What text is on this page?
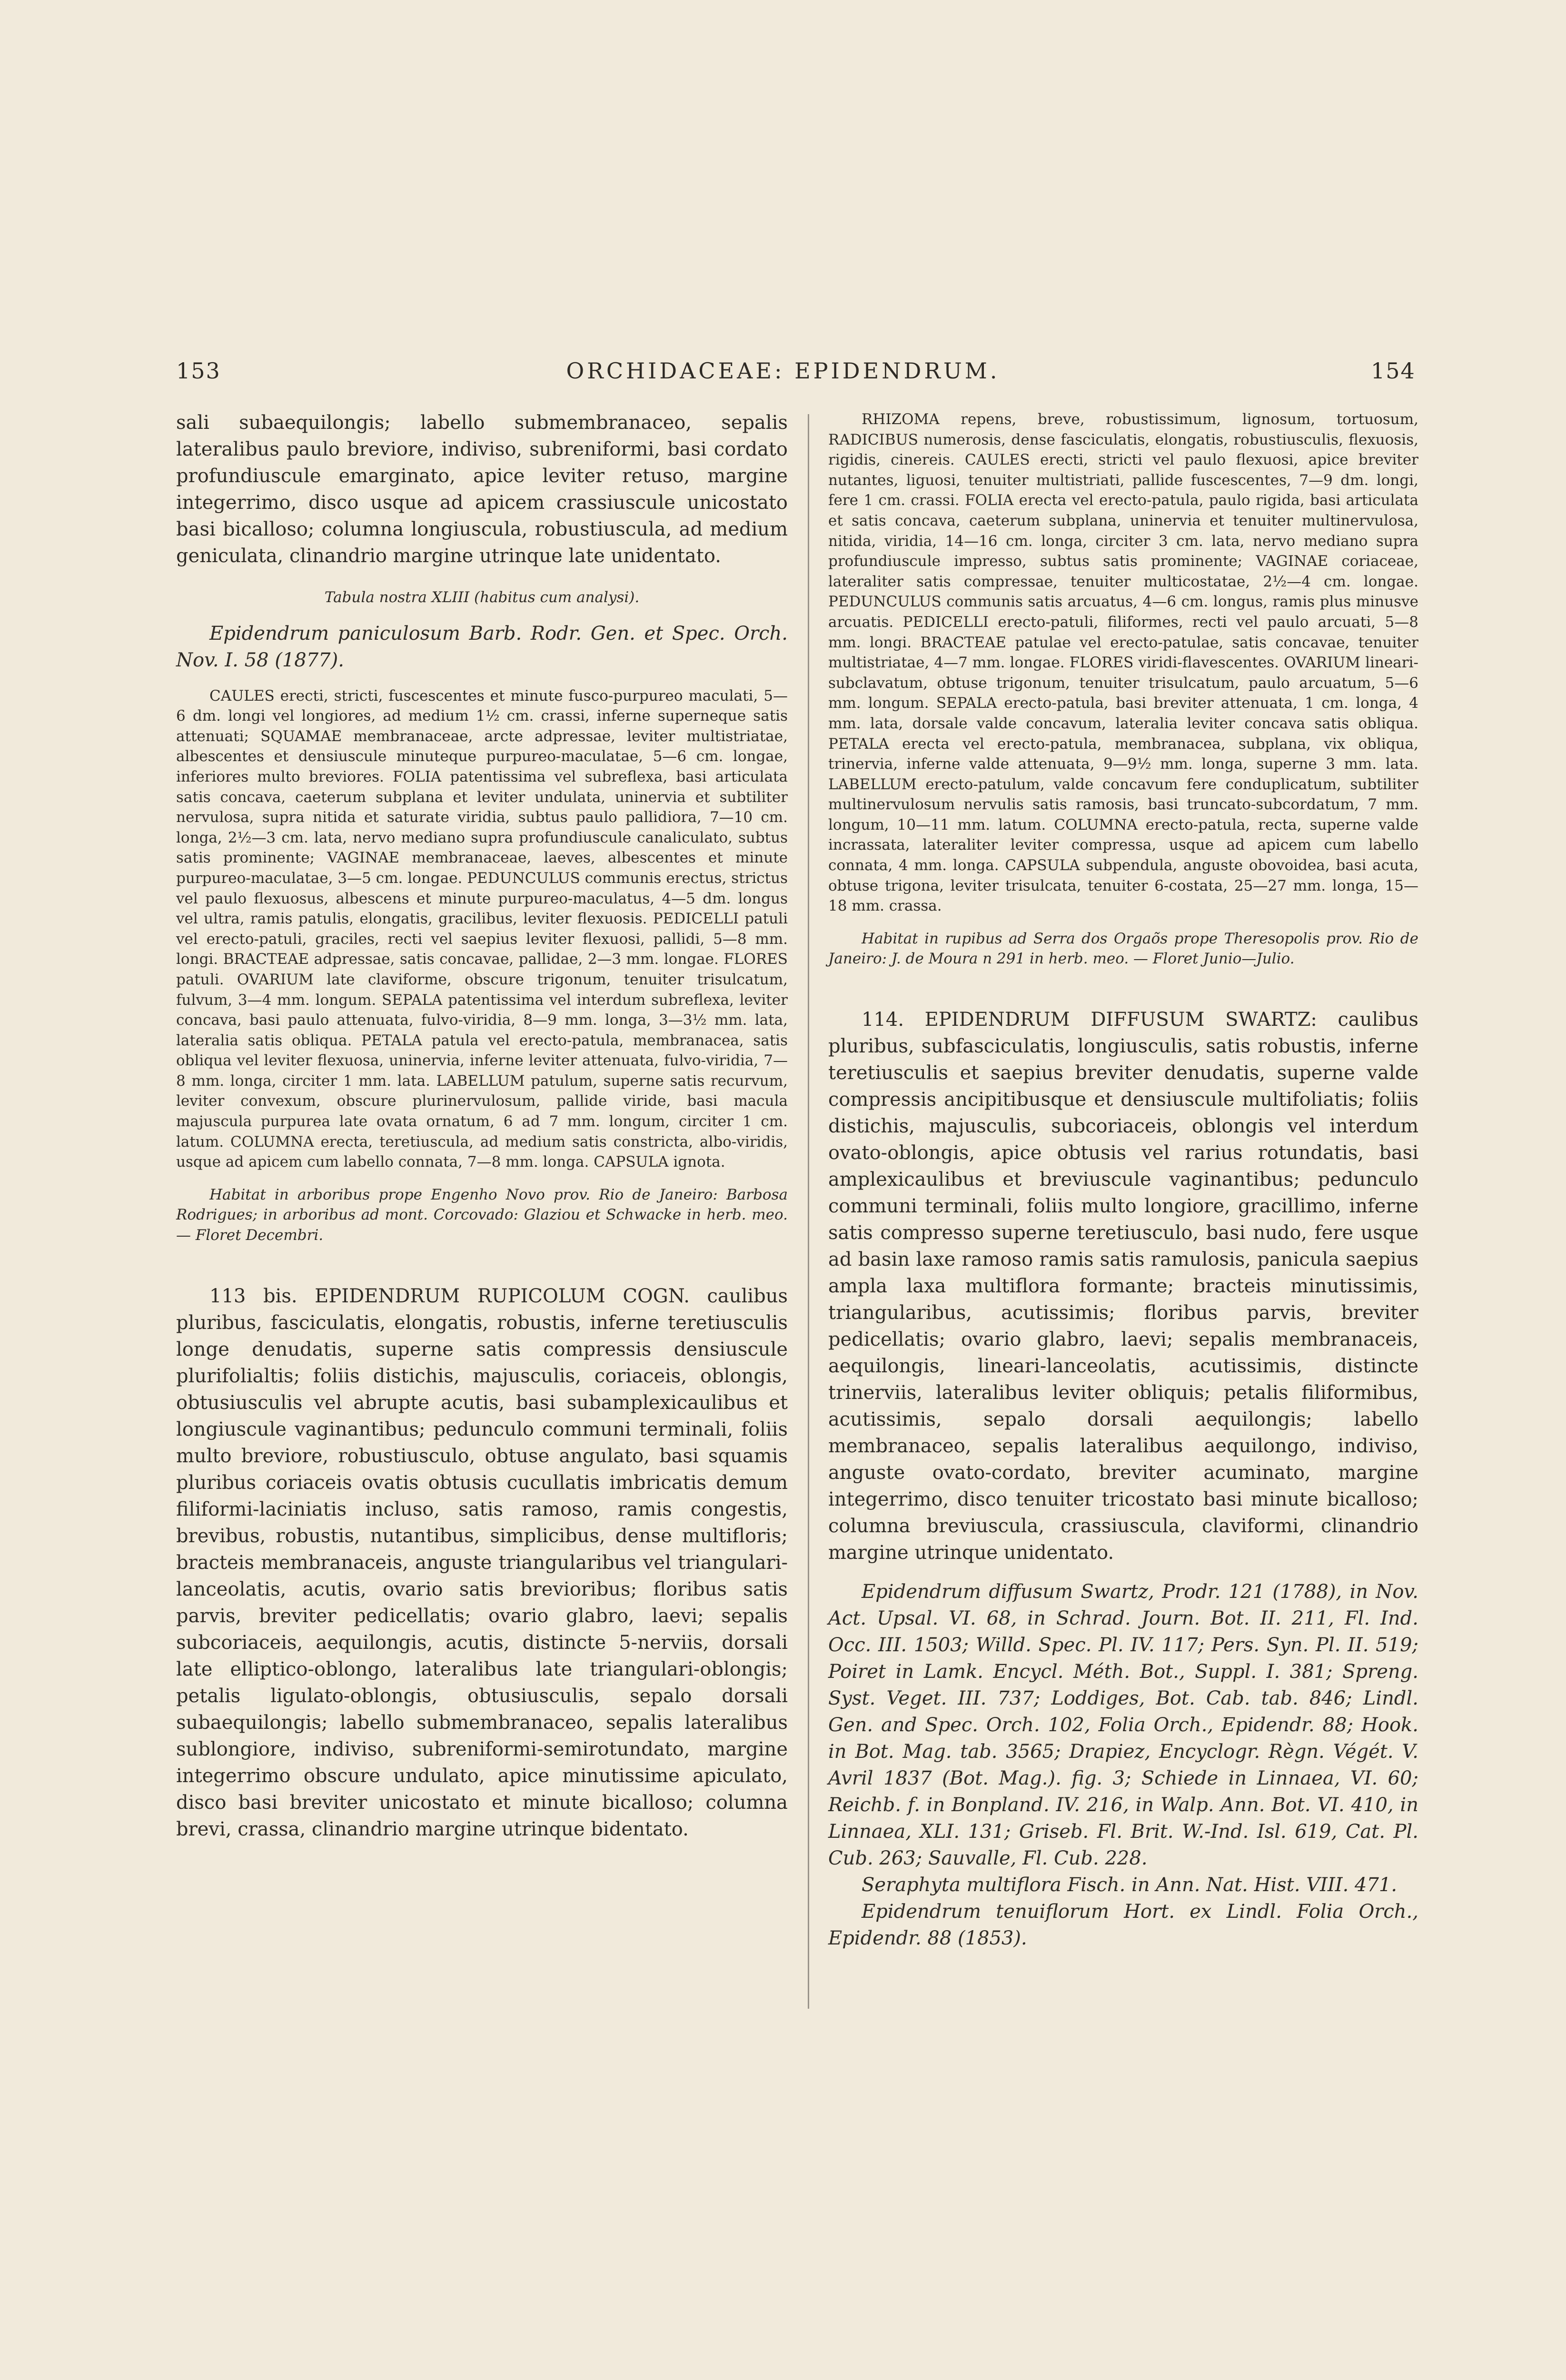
153	ORCHIDACEAE: EPIDENDRUM.	154

sali subaequilongis; labello submembranaceo, sepalis lateralibus paulo breviore, indiviso, subreniformi, basi cordato profundiuscule emarginato, apice leviter retuso, margine integerrimo, disco usque ad apicem crassiuscule unicostato basi bicalloso; columna longiuscula, robustiuscula, ad medium geniculata, clinandrio margine utrinque late unidentato.

Tabula nostra XLIII (habitus cum analysi).

Epidendrum paniculosum Barb. Rodr. Gen. et Spec. Orch. Nov. I. 58 (1877).

CAULES erecti, stricti, fuscescentes et minute fusco-purpureo maculati, 5—6 dm. longi vel longiores, ad medium 1½ cm. crassi, inferne superneque satis attenuati; SQUAMAE membranaceae, arcte adpressae, leviter multistriatae, albescentes et densiuscule minuteque purpureo-maculatae, 5—6 cm. longae, inferiores multo breviores. FOLIA patentissima vel subreflexa, basi articulata satis concava, caeterum subplana et leviter undulata, uninervia et subtiliter nervulosa, supra nitida et saturate viridia, subtus paulo pallidiora, 7—10 cm. longa, 2½—3 cm. lata, nervo mediano supra profundiuscule canaliculato, subtus satis prominente; VAGINAE membranaceae, laeves, albescentes et minute purpureo-maculatae, 3—5 cm. longae. PEDUNCULUS communis erectus, strictus vel paulo flexuosus, albescens et minute purpureo-maculatus, 4—5 dm. longus vel ultra, ramis patulis, elongatis, gracilibus, leviter flexuosis. PEDICELLI patuli vel erecto-patuli, graciles, recti vel saepius leviter flexuosi, pallidi, 5—8 mm. longi. BRACTEAE adpressae, satis concavae, pallidae, 2—3 mm. longae. FLORES patuli. OVARIUM late claviforme, obscure trigonum, tenuiter trisulcatum, fulvum, 3—4 mm. longum. SEPALA patentissima vel interdum subreflexa, leviter concava, basi paulo attenuata, fulvo-viridia, 8—9 mm. longa, 3—3½ mm. lata, lateralia satis obliqua. PETALA patula vel erecto-patula, membranacea, satis obliqua vel leviter flexuosa, uninervia, inferne leviter attenuata, fulvo-viridia, 7—8 mm. longa, circiter 1 mm. lata. LABELLUM patulum, superne satis recurvum, leviter convexum, obscure plurinervulosum, pallide viride, basi macula majuscula purpurea late ovata ornatum, 6 ad 7 mm. longum, circiter 1 cm. latum. COLUMNA erecta, teretiuscula, ad medium satis constricta, albo-viridis, usque ad apicem cum labello connata, 7—8 mm. longa. CAPSULA ignota.

Habitat in arboribus prope Engenho Novo prov. Rio de Janeiro: Barbosa Rodrigues; in arboribus ad mont. Corcovado: Glaziou et Schwacke in herb. meo. — Floret Decembri.

113 bis. EPIDENDRUM RUPICOLUM COGN. caulibus pluribus, fasciculatis, elongatis, robustis, inferne teretiusculis longe denudatis, superne satis compressis densiuscule plurifolialtis; foliis distichis, majusculis, coriaceis, oblongis, obtusiusculis vel abrupte acutis, basi subamplexicaulibus et longiuscule vaginantibus; pedunculo communi terminali, foliis multo breviore, robustiusculo, obtuse angulato, basi squamis pluribus coriaceis ovatis obtusis cucullatis imbricatis demum filiformi-laciniatis incluso, satis ramoso, ramis congestis, brevibus, robustis, nutantibus, simplicibus, dense multifloris; bracteis membranaceis, anguste triangularibus vel triangulari-lanceolatis, acutis, ovario satis brevioribus; floribus satis parvis, breviter pedicellatis; ovario glabro, laevi; sepalis subcoriaceis, aequilongis, acutis, distincte 5-nerviis, dorsali late elliptico-oblongo, lateralibus late triangulari-oblongis; petalis ligulato-oblongis, obtusiusculis, sepalo dorsali subaequilongis; labello submembranaceo, sepalis lateralibus sublongiore, indiviso, subreniformi-semirotundato, margine integerrimo obscure undulato, apice minutissime apiculato, disco basi breviter unicostato et minute bicalloso; columna brevi, crassa, clinandrio margine utrinque bidentato.

RHIZOMA repens, breve, robustissimum, lignosum, tortuosum, RADICIBUS numerosis, dense fasciculatis, elongatis, robustiusculis, flexuosis, rigidis, cinereis. CAULES erecti, stricti vel paulo flexuosi, apice breviter nutantes, liguosi, tenuiter multistriati, pallide fuscescentes, 7—9 dm. longi, fere 1 cm. crassi. FOLIA erecta vel erecto-patula, paulo rigida, basi articulata et satis concava, caeterum subplana, uninervia et tenuiter multinervulosa, nitida, viridia, 14—16 cm. longa, circiter 3 cm. lata, nervo mediano supra profundiuscule impresso, subtus satis prominente; VAGINAE coriaceae, lateraliter satis compressae, tenuiter multicostatae, 2½—4 cm. longae. PEDUNCULUS communis satis arcuatus, 4—6 cm. longus, ramis plus minusve arcuatis. PEDICELLI erecto-patuli, filiformes, recti vel paulo arcuati, 5—8 mm. longi. BRACTEAE patulae vel erecto-patulae, satis concavae, tenuiter multistriatae, 4—7 mm. longae. FLORES viridi-flavescentes. OVARIUM lineari-subclavatum, obtuse trigonum, tenuiter trisulcatum, paulo arcuatum, 5—6 mm. longum. SEPALA erecto-patula, basi breviter attenuata, 1 cm. longa, 4 mm. lata, dorsale valde concavum, lateralia leviter concava satis obliqua. PETALA erecta vel erecto-patula, membranacea, subplana, vix obliqua, trinervia, inferne valde attenuata, 9—9½ mm. longa, superne 3 mm. lata. LABELLUM erecto-patulum, valde concavum fere conduplicatum, subtiliter multinervulosum nervulis satis ramosis, basi truncato-subcordatum, 7 mm. longum, 10—11 mm. latum. COLUMNA erecto-patula, recta, superne valde incrassata, lateraliter leviter compressa, usque ad apicem cum labello connata, 4 mm. longa. CAPSULA subpendula, anguste obovoidea, basi acuta, obtuse trigona, leviter trisulcata, tenuiter 6-costata, 25—27 mm. longa, 15—18 mm. crassa.

Habitat in rupibus ad Serra dos Orgaõs prope Theresopolis prov. Rio de Janeiro: J. de Moura n 291 in herb. meo. — Floret Junio—Julio.

114. EPIDENDRUM DIFFUSUM SWARTZ: caulibus pluribus, subfasciculatis, longiusculis, satis robustis, inferne teretiusculis et saepius breviter denudatis, superne valde compressis ancipitibusque et densiuscule multifoliatis; foliis distichis, majusculis, subcoriaceis, oblongis vel interdum ovato-oblongis, apice obtusis vel rarius rotundatis, basi amplexicaulibus et breviuscule vaginantibus; pedunculo communi terminali, foliis multo longiore, gracillimo, inferne satis compresso superne teretiusculo, basi nudo, fere usque ad basin laxe ramoso ramis satis ramulosis, panicula saepius ampla laxa multiflora formante; bracteis minutissimis, triangularibus, acutissimis; floribus parvis, breviter pedicellatis; ovario glabro, laevi; sepalis membranaceis, aequilongis, lineari-lanceolatis, acutissimis, distincte trinerviis, lateralibus leviter obliquis; petalis filiformibus, acutissimis, sepalo dorsali aequilongis; labello membranaceo, sepalis lateralibus aequilongo, indiviso, anguste ovato-cordato, breviter acuminato, margine integerrimo, disco tenuiter tricostato basi minute bicalloso; columna breviuscula, crassiuscula, claviformi, clinandrio margine utrinque unidentato.

Epidendrum diffusum Swartz, Prodr. 121 (1788), in Nov. Act. Upsal. VI. 68, in Schrad. Journ. Bot. II. 211, Fl. Ind. Occ. III. 1503; Willd. Spec. Pl. IV. 117; Pers. Syn. Pl. II. 519; Poiret in Lamk. Encycl. Méth. Bot., Suppl. I. 381; Spreng. Syst. Veget. III. 737; Loddiges, Bot. Cab. tab. 846; Lindl. Gen. and Spec. Orch. 102, Folia Orch., Epidendr. 88; Hook. in Bot. Mag. tab. 3565; Drapiez, Encyclogr. Règn. Végét. V. Avril 1837 (Bot. Mag.). fig. 3; Schiede in Linnaea, VI. 60; Reichb. f. in Bonpland. IV. 216, in Walp. Ann. Bot. VI. 410, in Linnaea, XLI. 131; Griseb. Fl. Brit. W.-Ind. Isl. 619, Cat. Pl. Cub. 263; Sauvalle, Fl. Cub. 228.

Seraphyta multiflora Fisch. in Ann. Nat. Hist. VIII. 471.

Epidendrum tenuiflorum Hort. ex Lindl. Folia Orch., Epidendr. 88 (1853).
